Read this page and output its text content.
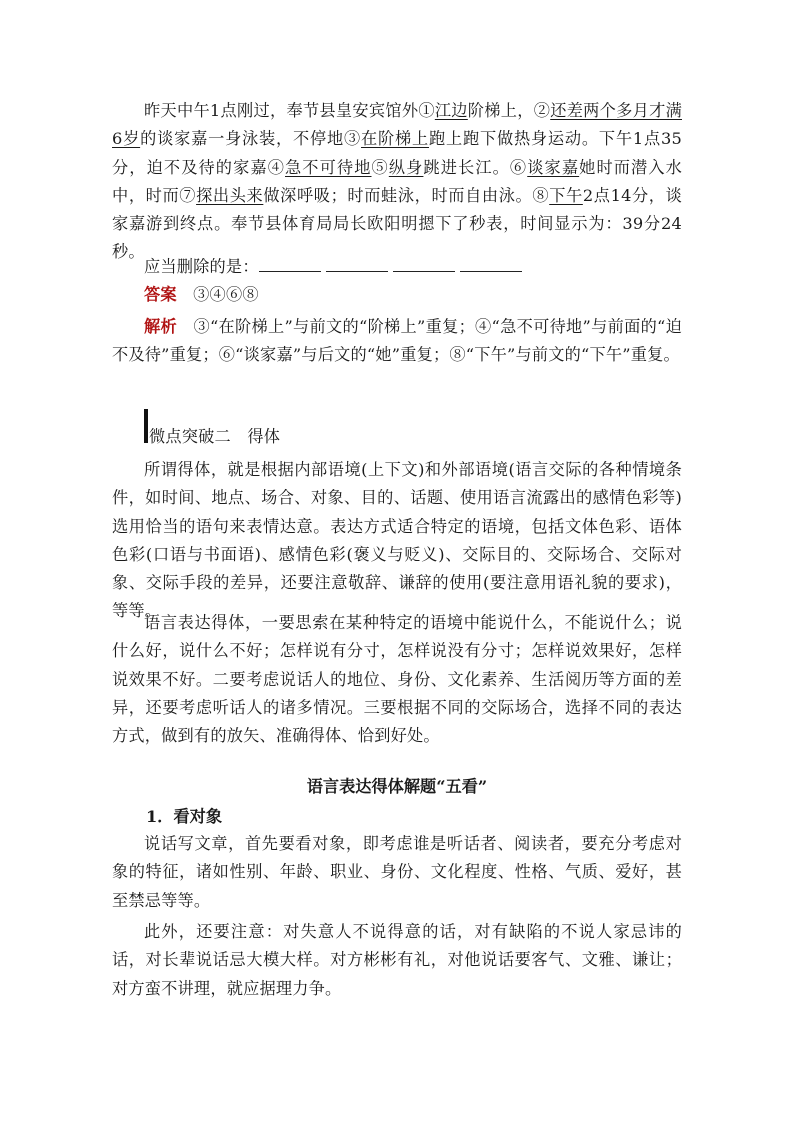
昨天中午1点刚过，奉节县皇安宾馆外①江边阶梯上，②还差两个多月才满6岁的谈家嘉一身泳装，不停地③在阶梯上跑上跑下做热身运动。下午1点35分，迫不及待的家嘉④急不可待地⑤纵身跳进长江。⑥谈家嘉她时而潜入水中，时而⑦探出头来做深呼吸；时而蛙泳，时而自由泳。⑧下午2点14分，谈家嘉游到终点。奉节县体育局局长欧阳明摁下了秒表，时间显示为：39分24秒。

应当删除的是：

答案　 ③④⑥⑧

解析　 ③“在阶梯上”与前文的“阶梯上”重复；④“急不可待地”与前面的“迫不及待”重复；⑥“谈家嘉”与后文的“她”重复；⑧“下午”与前文的“下午”重复。

微点突破二　得体

所谓得体，就是根据内部语境(上下文)和外部语境(语言交际的各种情境条件，如时间、地点、场合、对象、目的、话题、使用语言流露出的感情色彩等)选用恰当的语句来表情达意。表达方式适合特定的语境，包括文体色彩、语体色彩(口语与书面语)、感情色彩(褒义与贬义)、交际目的、交际场合、交际对象、交际手段的差异，还要注意敬辞、谦辞的使用(要注意用语礼貌的要求)，等等。

语言表达得体，一要思索在某种特定的语境中能说什么，不能说什么；说什么好，说什么不好；怎样说有分寸，怎样说没有分寸；怎样说效果好，怎样说效果不好。二要考虑说话人的地位、身份、文化素养、生活阅历等方面的差异，还要考虑听话人的诸多情况。三要根据不同的交际场合，选择不同的表达方式，做到有的放矢、准确得体、恰到好处。

语言表达得体解题“五看”

1．看对象

说话写文章，首先要看对象，即考虑谁是听话者、阅读者，要充分考虑对象的特征，诸如性别、年龄、职业、身份、文化程度、性格、气质、爱好，甚至禁忌等等。

此外，还要注意：对失意人不说得意的话，对有缺陷的不说人家忌讳的话，对长辈说话忌大模大样。对方彬彬有礼，对他说话要客气、文雅、谦让；对方蛮不讲理，就应据理力争。
